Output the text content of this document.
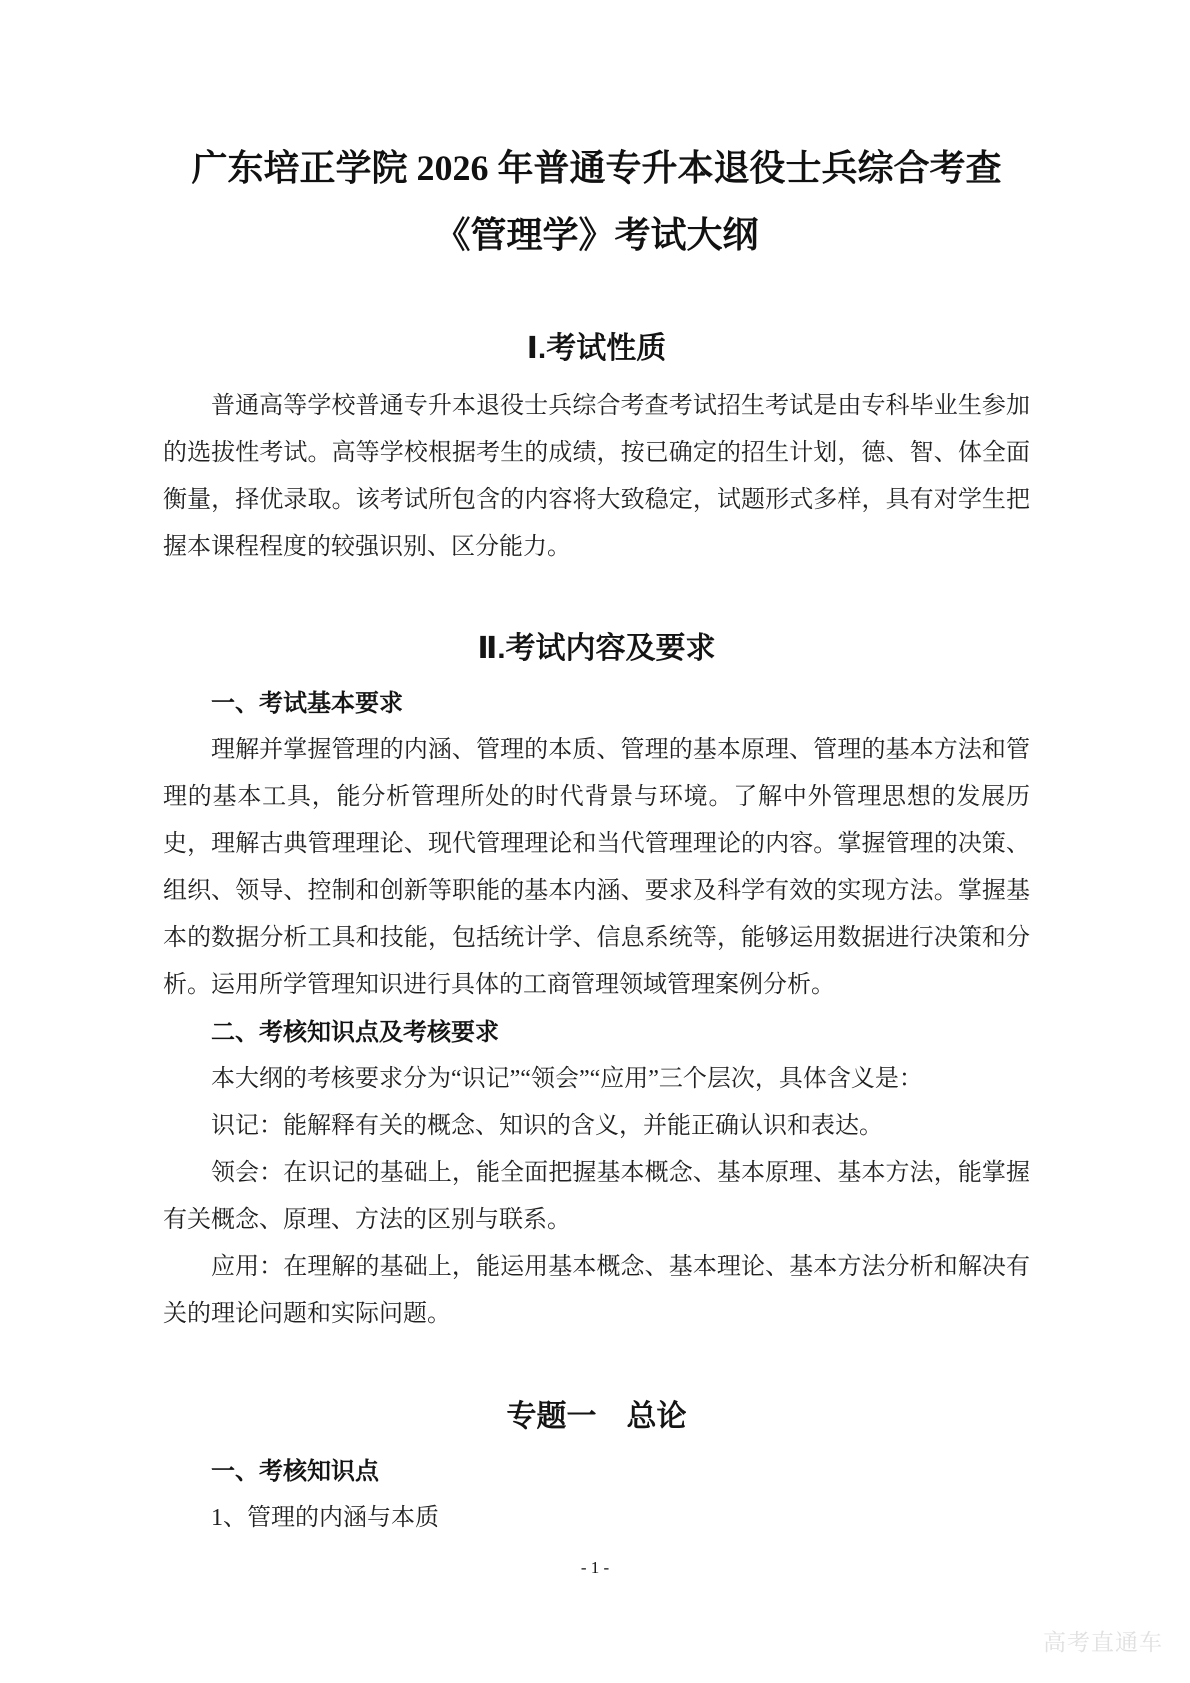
广东培正学院 2026 年普通专升本退役士兵综合考查
《管理学》考试大纲
Ⅰ.考试性质

普通高等学校普通专升本退役士兵综合考查考试招生考试是由专科毕业生参加的选拔性考试。高等学校根据考生的成绩，按已确定的招生计划，德、智、体全面衡量，择优录取。该考试所包含的内容将大致稳定，试题形式多样，具有对学生把握本课程程度的较强识别、区分能力。

Ⅱ.考试内容及要求
一、考试基本要求

理解并掌握管理的内涵、管理的本质、管理的基本原理、管理的基本方法和管理的基本工具，能分析管理所处的时代背景与环境。了解中外管理思想的发展历史，理解古典管理理论、现代管理理论和当代管理理论的内容。掌握管理的决策、组织、领导、控制和创新等职能的基本内涵、要求及科学有效的实现方法。掌握基本的数据分析工具和技能，包括统计学、信息系统等，能够运用数据进行决策和分析。运用所学管理知识进行具体的工商管理领域管理案例分析。

二、考核知识点及考核要求

本大纲的考核要求分为“识记”“领会”“应用”三个层次，具体含义是：

识记：能解释有关的概念、知识的含义，并能正确认识和表达。

领会：在识记的基础上，能全面把握基本概念、基本原理、基本方法，能掌握有关概念、原理、方法的区别与联系。

应用：在理解的基础上，能运用基本概念、基本理论、基本方法分析和解决有关的理论问题和实际问题。

专题一　总论
一、考核知识点

1、管理的内涵与本质

- 1 -
高考直通车
